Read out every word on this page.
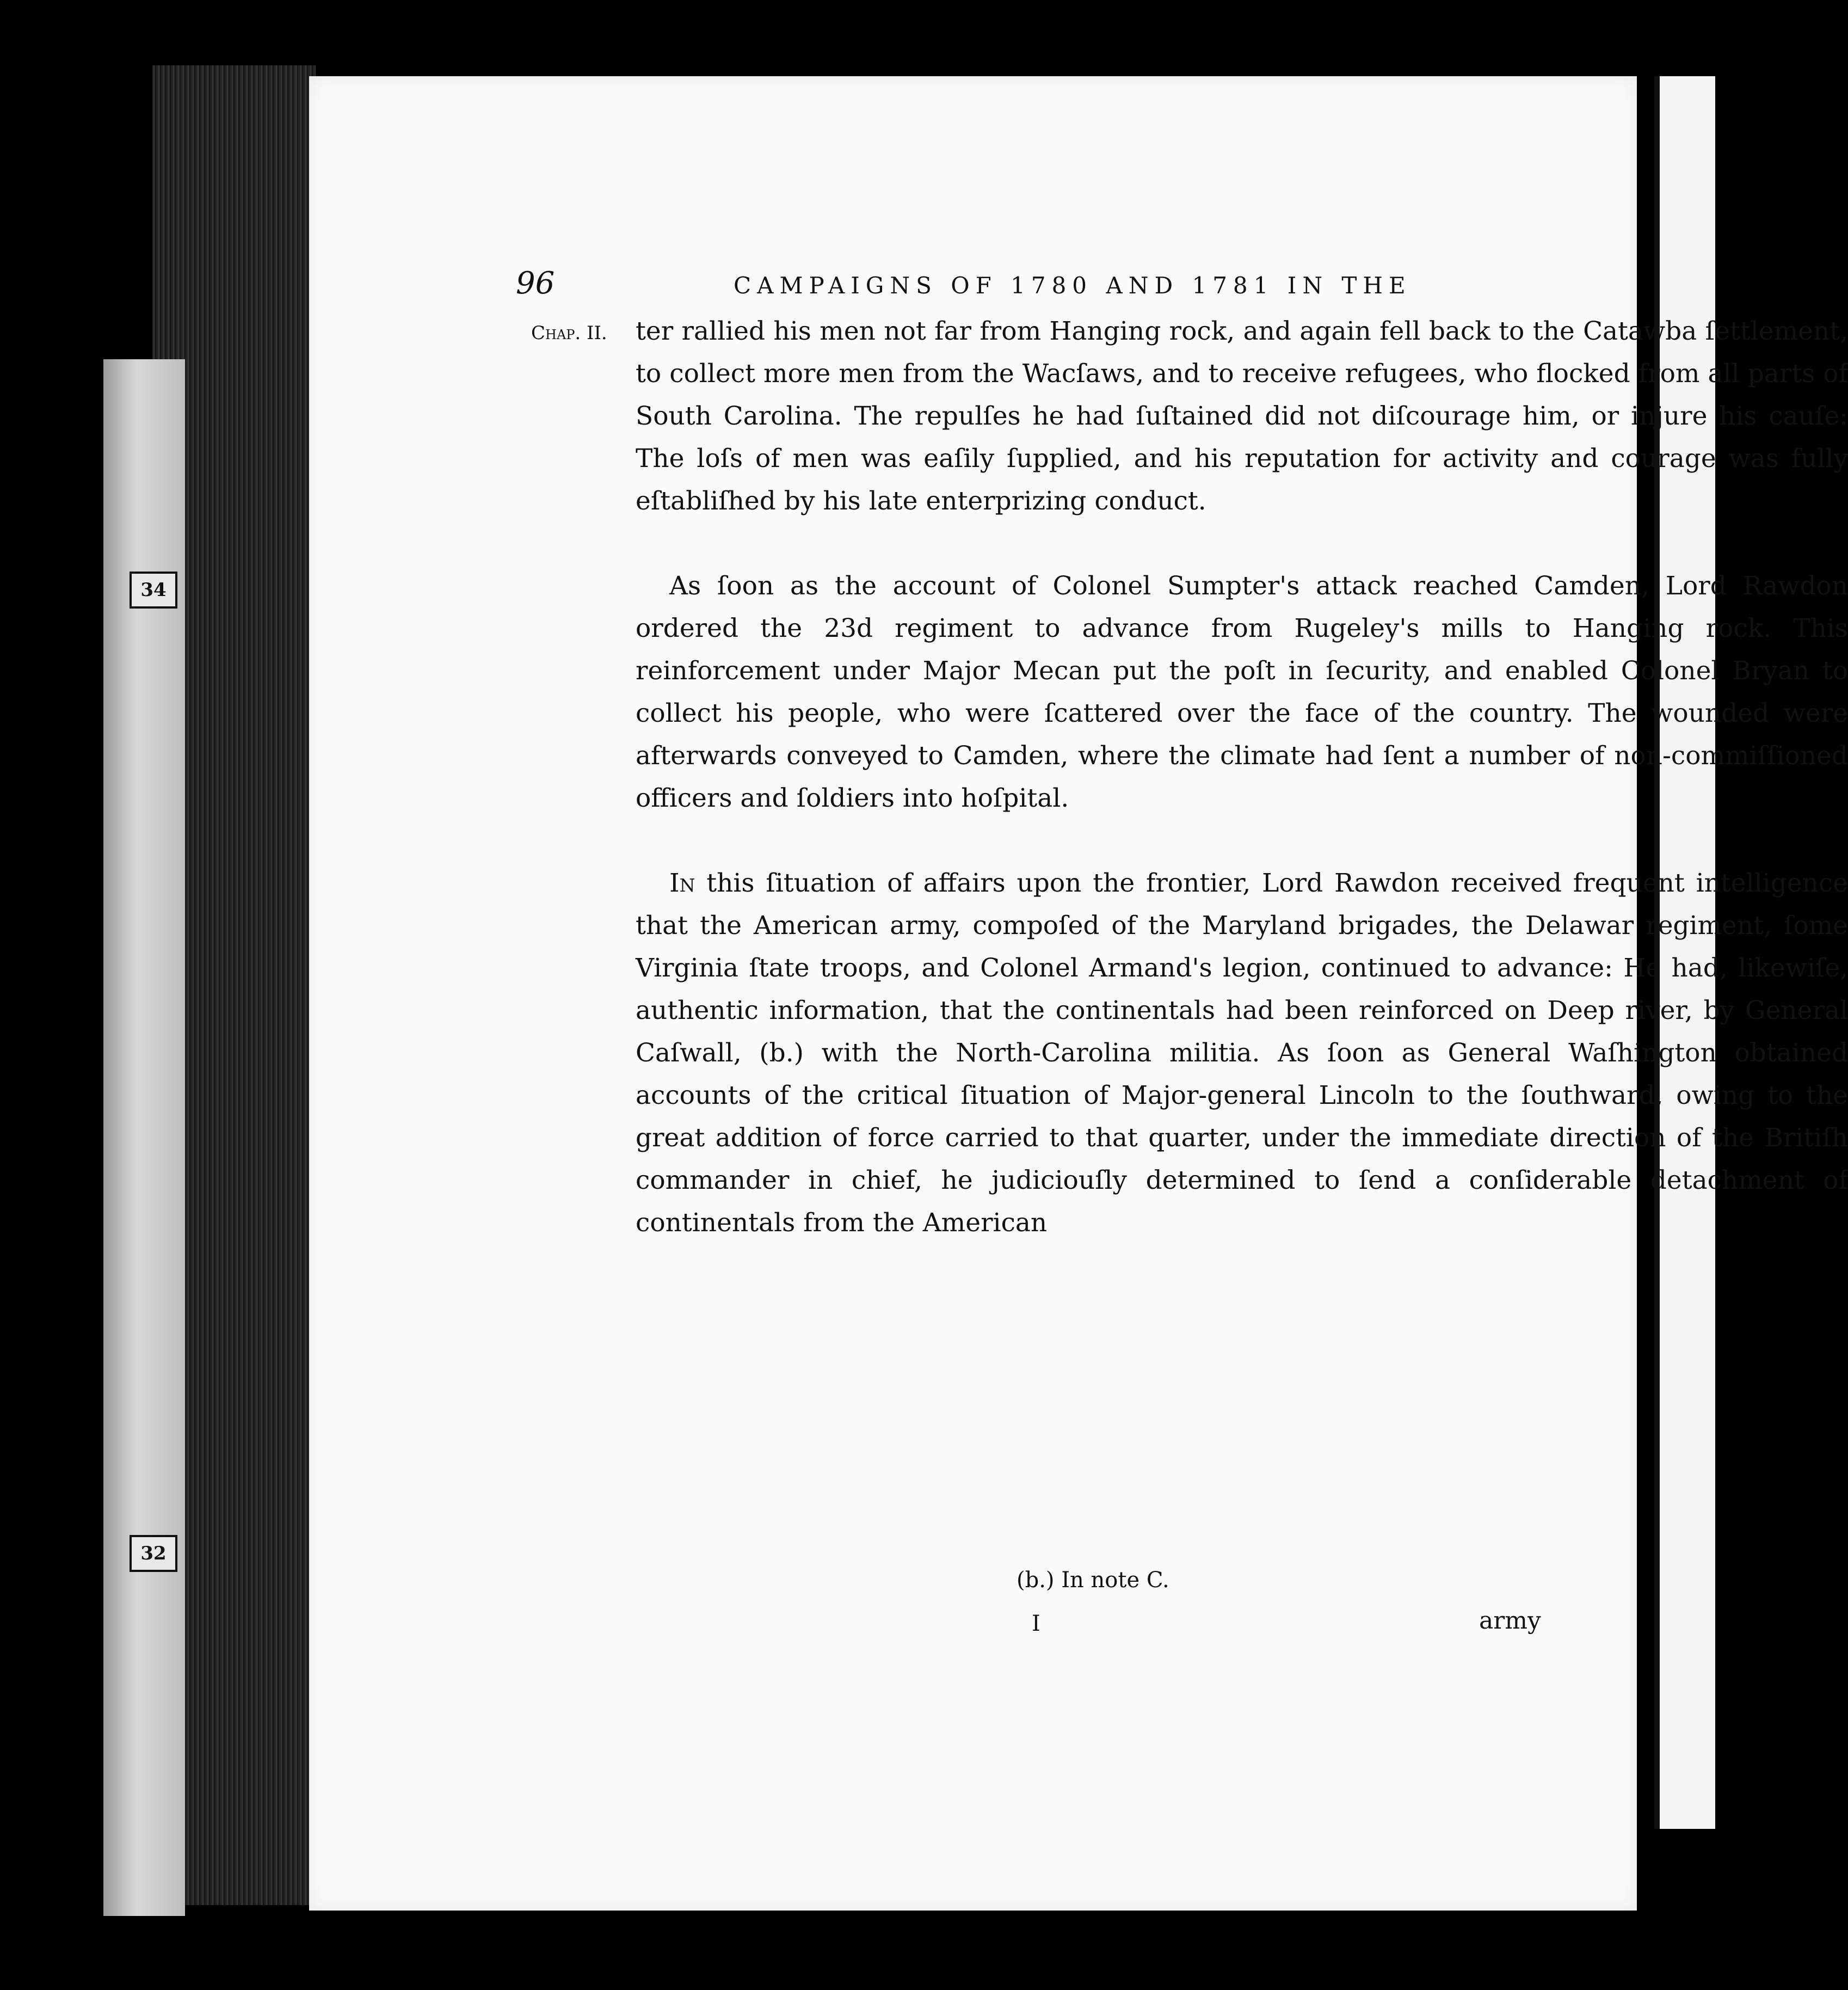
34
32
96	CAMPAIGNS OF 1780 AND 1781 IN THE
Chap. II. ter rallied his men not far from Hanging rock, and again fell back to the Catawba ſettlement, to collect more men from the Wacſaws, and to receive refugees, who flocked from all parts of South Carolina. The repulſes he had ſuſtained did not diſcourage him, or injure his cauſe: The loſs of men was eaſily ſupplied, and his reputation for activity and courage was fully eſtabliſhed by his late enterprizing conduct.

As ſoon as the account of Colonel Sumpter's attack reached Camden, Lord Rawdon ordered the 23d regiment to advance from Rugeley's mills to Hanging rock. This reinforcement under Major Mecan put the poſt in ſecurity, and enabled Colonel Bryan to collect his people, who were ſcattered over the face of the country. The wounded were afterwards conveyed to Camden, where the climate had ſent a number of non-commiſſioned officers and ſoldiers into hoſpital.

In this ſituation of affairs upon the frontier, Lord Rawdon received frequent intelligence that the American army, compoſed of the Maryland brigades, the Delawar regiment, ſome Virginia ſtate troops, and Colonel Armand's legion, continued to advance: He had, likewiſe, authentic information, that the continentals had been reinforced on Deep river, by General Caſwall, (b.) with the North-Carolina militia. As ſoon as General Waſhington obtained accounts of the critical ſituation of Major-general Lincoln to the ſouthward, owing to the great addition of force carried to that quarter, under the immediate direction of the Britiſh commander in chief, he judiciouſly determined to ſend a conſiderable detachment of continentals from the American

(b.) In note C.
I	army
